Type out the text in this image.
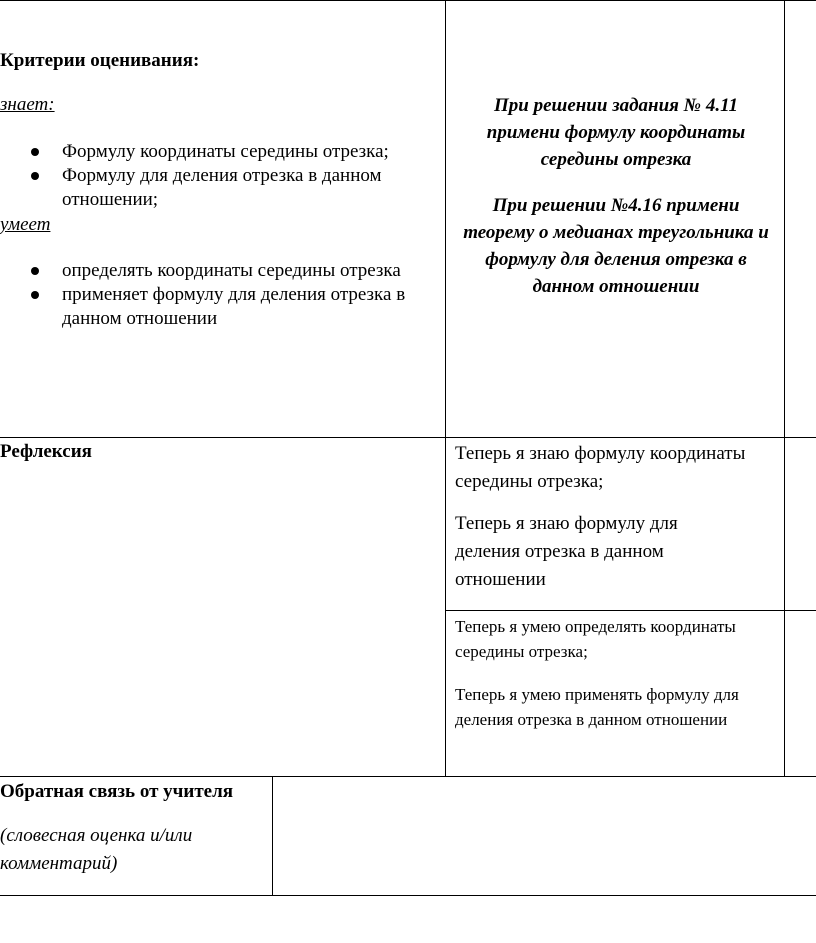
Критерии оценивания:
знает:
Формулу координаты середины отрезка;
Формулу для деления отрезка в данном отношении;
умеет
определять координаты середины отрезка
применяет формулу для деления отрезка в данном отношении
При решении задания № 4.11 примени формулу координаты середины отрезка
При решении №4.16 примени теорему о медианах треугольника и формулу для деления отрезка в данном отношении
Рефлексия	Теперь я знаю формулу координаты середины отрезка;
Теперь я знаю формулу для деления отрезка в данном отношении
Теперь я умею определять координаты середины отрезка;
Теперь я умею применять формулу для деления отрезка в данном отношении
Обратная связь от учителя
(словесная оценка и/или комментарий)
